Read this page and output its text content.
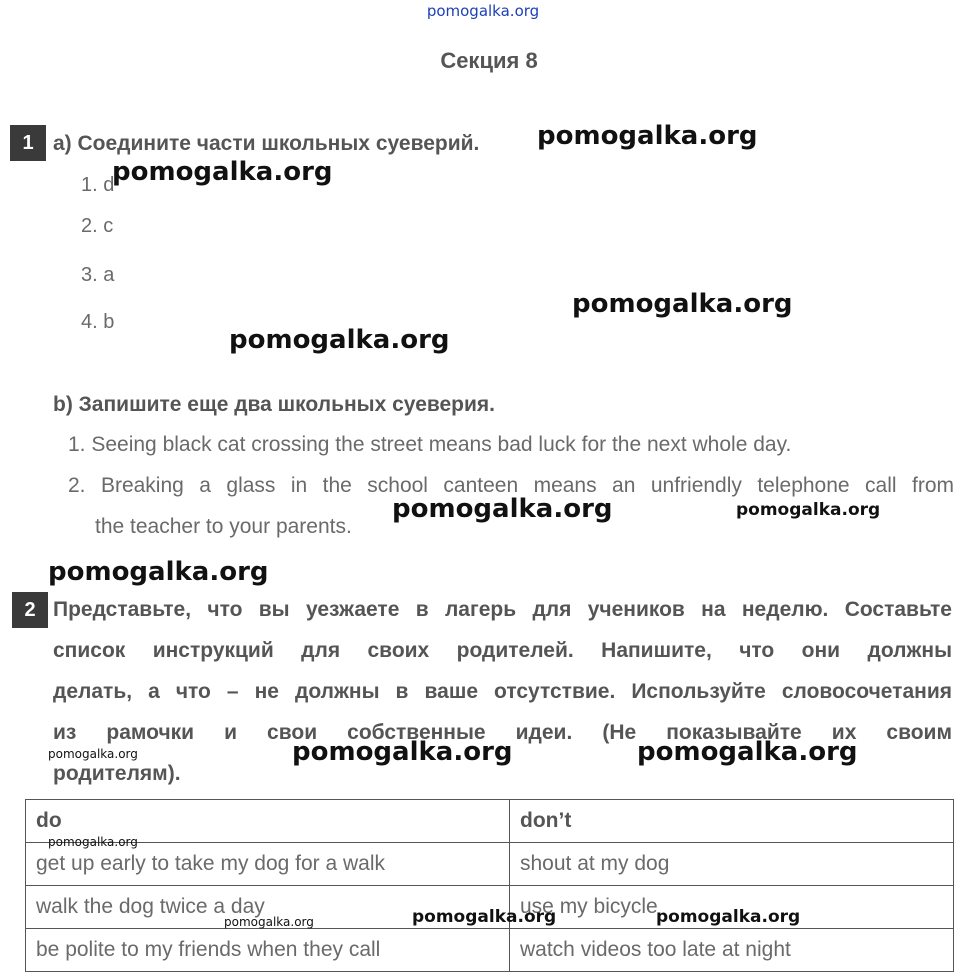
pomogalka.org
Секция 8
1 a) Соедините части школьных суеверий.
1. d
2. c
3. a
4. b
b) Запишите еще два школьных суеверия.
1. Seeing black cat crossing the street means bad luck for the next whole day.
2. Breaking a glass in the school canteen means an unfriendly telephone call from
the teacher to your parents.
2 Представьте, что вы уезжаете в лагерь для учеников на неделю. Составьте
список инструкций для своих родителей. Напишите, что они должны
делать, а что – не должны в ваше отсутствие. Используйте словосочетания
из рамочки и свои собственные идеи. (Не показывайте их своим
родителям).
do	don’t
get up early to take my dog for a walk	shout at my dog
walk the dog twice a day	use my bicycle
be polite to my friends when they call	watch videos too late at night
pomogalka.org
pomogalka.org
pomogalka.org
pomogalka.org
pomogalka.org	pomogalka.org
pomogalka.org
pomogalka.org	pomogalka.org	pomogalka.org
pomogalka.org
pomogalka.org	pomogalka.org	pomogalka.org
